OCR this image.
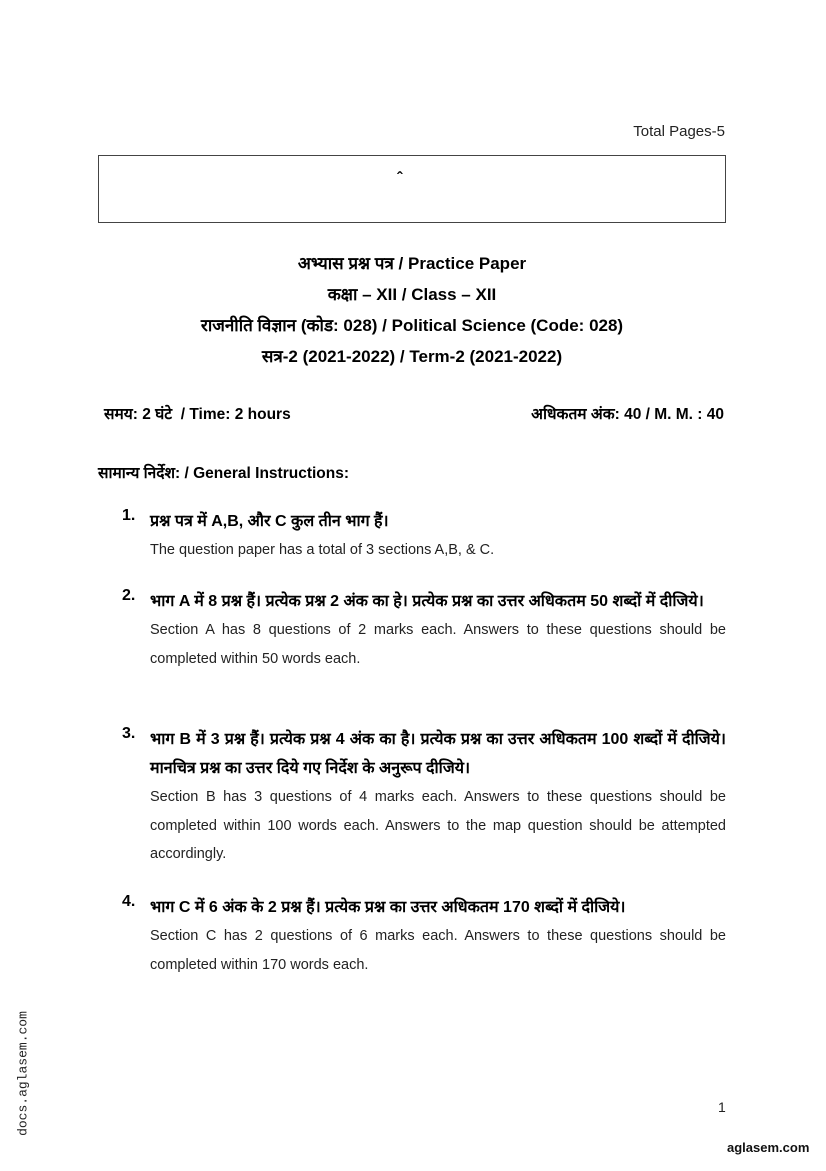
Total Pages-5
ˆ
अभ्यास प्रश्न पत्र / Practice Paper
कक्षा – XII / Class – XII
राजनीति विज्ञान (कोड: 028) / Political Science (Code: 028)
सत्र-2 (2021-2022) / Term-2 (2021-2022)
समय: 2 घंटे  / Time: 2 hours	अधिकतम अंक: 40 / M. M. : 40
सामान्य निर्देश: / General Instructions:
1. प्रश्न पत्र में A,B, और C कुल तीन भाग हैं।
The question paper has a total of 3 sections A,B, & C.
2. भाग A में 8 प्रश्न हैं। प्रत्येक प्रश्न 2 अंक का हे। प्रत्येक प्रश्न का उत्तर अधिकतम 50 शब्दों में दीजिये।
Section A has 8 questions of 2 marks each. Answers to these questions should be completed within 50 words each.
3. भाग B में 3 प्रश्न हैं। प्रत्येक प्रश्न 4 अंक का है। प्रत्येक प्रश्न का उत्तर अधिकतम 100 शब्दों में दीजिये। मानचित्र प्रश्न का उत्तर दिये गए निर्देश के अनुरूप दीजिये।
Section B has 3 questions of 4 marks each. Answers to these questions should be completed within 100 words each. Answers to the map question should be attempted accordingly.
4. भाग C में 6 अंक के 2 प्रश्न हैं। प्रत्येक प्रश्न का उत्तर अधिकतम 170 शब्दों में दीजिये।
Section C has 2 questions of 6 marks each. Answers to these questions should be completed within 170 words each.
1
aglasem.com
docs.aglasem.com
